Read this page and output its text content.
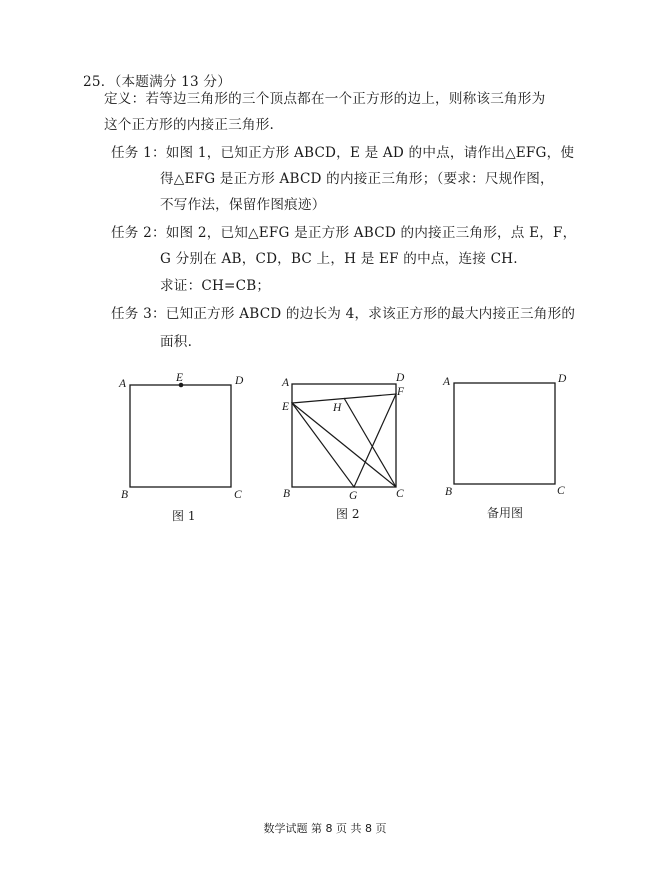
25．（本题满分 13 分）
定义：若等边三角形的三个顶点都在一个正方形的边上，则称该三角形为
这个正方形的内接正三角形.
任务 1：如图 1，已知正方形 ABCD，E 是 AD 的中点，请作出△EFG，使
得△EFG 是正方形 ABCD 的内接正三角形；（要求：尺规作图，
不写作法，保留作图痕迹）
任务 2：如图 2，已知△EFG 是正方形 ABCD 的内接正三角形，点 E，F，
G 分别在 AB，CD，BC 上，H 是 EF 的中点，连接 CH.
求证：CH=CB；
任务 3：已知正方形 ABCD 的边长为 4，求该正方形的最大内接正三角形的
面积.
A	D
E
B	C
A	D
F
E	H
B	G	C
A	D
B	C
图 1	图 2	备用图
数学试题 第 8 页 共 8 页
